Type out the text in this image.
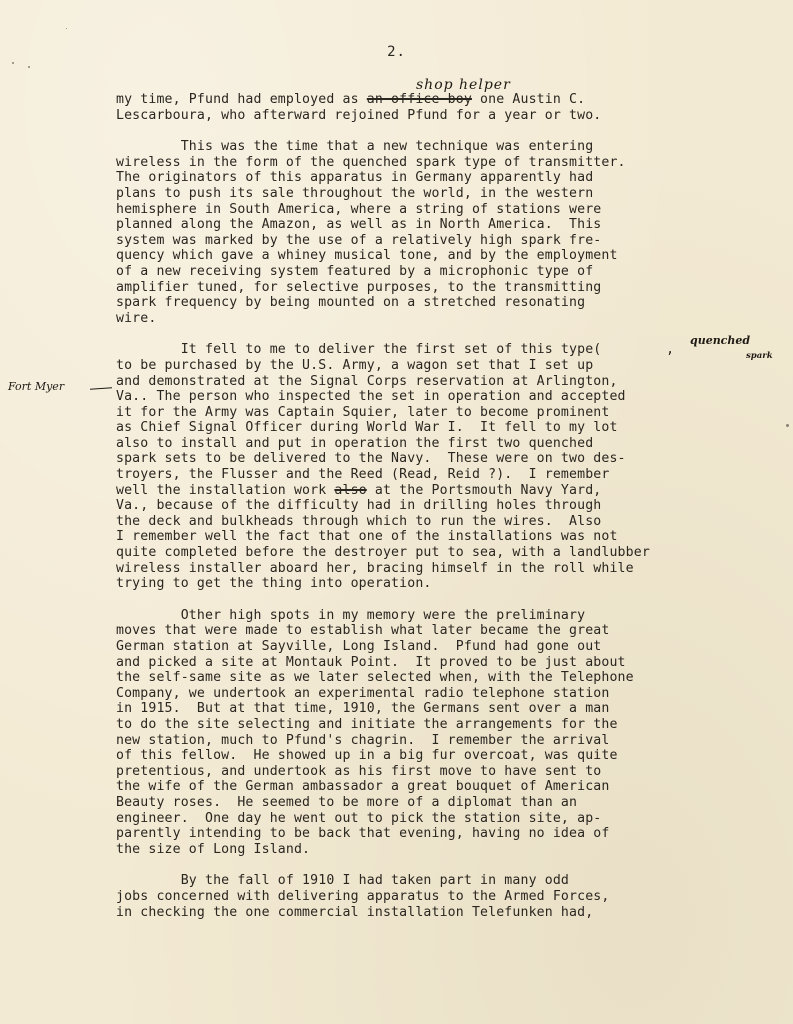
2.
shop helper
quenched
spark
Fort Myer
my time, Pfund had employed as an office boy one Austin C.
Lescarboura, who afterward rejoined Pfund for a year or two.
This was the time that a new technique was entering
wireless in the form of the quenched spark type of transmitter.
The originators of this apparatus in Germany apparently had
plans to push its sale throughout the world, in the western
hemisphere in South America, where a string of stations were
planned along the Amazon, as well as in North America.  This
system was marked by the use of a relatively high spark fre-
quency which gave a whiney musical tone, and by the employment
of a new receiving system featured by a microphonic type of
amplifier tuned, for selective purposes, to the transmitting
spark frequency by being mounted on a stretched resonating
wire.
It fell to me to deliver the first set of this type(        ,
to be purchased by the U.S. Army, a wagon set that I set up
and demonstrated at the Signal Corps reservation at Arlington,
Va.. The person who inspected the set in operation and accepted
it for the Army was Captain Squier, later to become prominent
as Chief Signal Officer during World War I.  It fell to my lot
also to install and put in operation the first two quenched
spark sets to be delivered to the Navy.  These were on two des-
troyers, the Flusser and the Reed (Read, Reid ?).  I remember
well the installation work also at the Portsmouth Navy Yard,
Va., because of the difficulty had in drilling holes through
the deck and bulkheads through which to run the wires.  Also
I remember well the fact that one of the installations was not
quite completed before the destroyer put to sea, with a landlubber
wireless installer aboard her, bracing himself in the roll while
trying to get the thing into operation.
Other high spots in my memory were the preliminary
moves that were made to establish what later became the great
German station at Sayville, Long Island.  Pfund had gone out
and picked a site at Montauk Point.  It proved to be just about
the self-same site as we later selected when, with the Telephone
Company, we undertook an experimental radio telephone station
in 1915.  But at that time, 1910, the Germans sent over a man
to do the site selecting and initiate the arrangements for the
new station, much to Pfund's chagrin.  I remember the arrival
of this fellow.  He showed up in a big fur overcoat, was quite
pretentious, and undertook as his first move to have sent to
the wife of the German ambassador a great bouquet of American
Beauty roses.  He seemed to be more of a diplomat than an
engineer.  One day he went out to pick the station site, ap-
parently intending to be back that evening, having no idea of
the size of Long Island.
By the fall of 1910 I had taken part in many odd
jobs concerned with delivering apparatus to the Armed Forces,
in checking the one commercial installation Telefunken had,
